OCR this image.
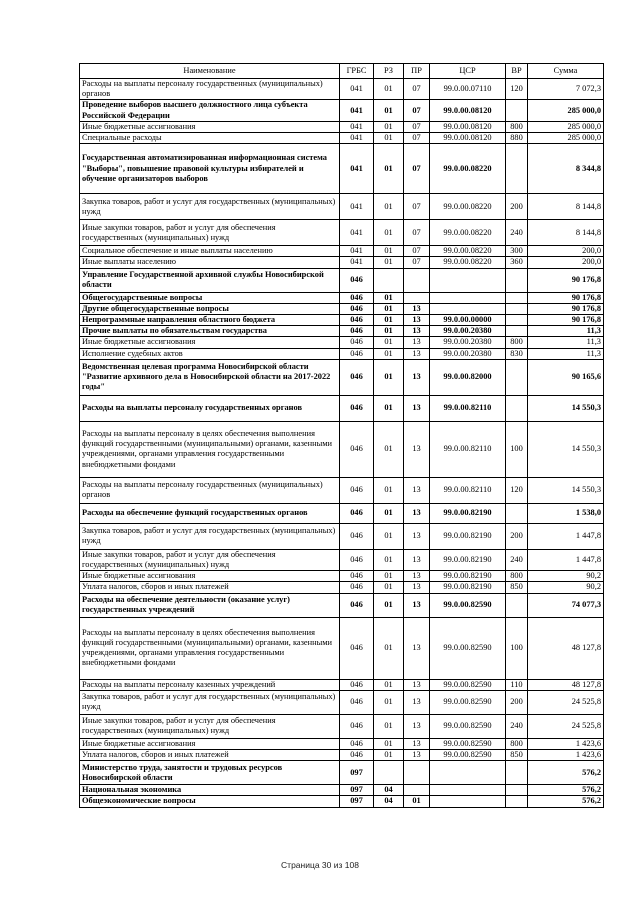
Наименование	ГРБС	РЗ	ПР	ЦСР	ВР	Сумма
Расходы на выплаты персоналу государственных (муниципальных) органов	041	01	07	99.0.00.07110	120	7 072,3
Проведение выборов высшего должностного лица субъекта Российской Федерации	041	01	07	99.0.00.08120		285 000,0
Иные бюджетные ассигнования	041	01	07	99.0.00.08120	800	285 000,0
Специальные расходы	041	01	07	99.0.00.08120	880	285 000,0
Государственная автоматизированная информационная система "Выборы", повышение правовой культуры избирателей и обучение организаторов выборов	041	01	07	99.0.00.08220		8 344,8
Закупка товаров, работ и услуг для государственных (муниципальных) нужд	041	01	07	99.0.00.08220	200	8 144,8
Иные закупки товаров, работ и услуг для обеспечения государственных (муниципальных) нужд	041	01	07	99.0.00.08220	240	8 144,8
Социальное обеспечение и иные выплаты населению	041	01	07	99.0.00.08220	300	200,0
Иные выплаты населению	041	01	07	99.0.00.08220	360	200,0
Управление Государственной архивной службы Новосибирской области	046					90 176,8
Общегосударственные вопросы	046	01				90 176,8
Другие общегосударственные вопросы	046	01	13			90 176,8
Непрограммные направления областного бюджета	046	01	13	99.0.00.00000		90 176,8
Прочие выплаты по обязательствам государства	046	01	13	99.0.00.20380		11,3
Иные бюджетные ассигнования	046	01	13	99.0.00.20380	800	11,3
Исполнение судебных актов	046	01	13	99.0.00.20380	830	11,3
Ведомственная целевая программа Новосибирской области "Развитие архивного дела в Новосибирской области на 2017-2022 годы"	046	01	13	99.0.00.82000		90 165,6
Расходы на выплаты персоналу государственных органов	046	01	13	99.0.00.82110		14 550,3
Расходы на выплаты персоналу в целях обеспечения выполнения функций государственными (муниципальными) органами, казенными учреждениями, органами управления государственными внебюджетными фондами	046	01	13	99.0.00.82110	100	14 550,3
Расходы на выплаты персоналу государственных (муниципальных) органов	046	01	13	99.0.00.82110	120	14 550,3
Расходы на обеспечение функций государственных органов	046	01	13	99.0.00.82190		1 538,0
Закупка товаров, работ и услуг для государственных (муниципальных) нужд	046	01	13	99.0.00.82190	200	1 447,8
Иные закупки товаров, работ и услуг для обеспечения государственных (муниципальных) нужд	046	01	13	99.0.00.82190	240	1 447,8
Иные бюджетные ассигнования	046	01	13	99.0.00.82190	800	90,2
Уплата налогов, сборов и иных платежей	046	01	13	99.0.00.82190	850	90,2
Расходы на обеспечение деятельности (оказание услуг) государственных учреждений	046	01	13	99.0.00.82590		74 077,3
Расходы на выплаты персоналу в целях обеспечения выполнения функций государственными (муниципальными) органами, казенными учреждениями, органами управления государственными внебюджетными фондами	046	01	13	99.0.00.82590	100	48 127,8
Расходы на выплаты персоналу казенных учреждений	046	01	13	99.0.00.82590	110	48 127,8
Закупка товаров, работ и услуг для государственных (муниципальных) нужд	046	01	13	99.0.00.82590	200	24 525,8
Иные закупки товаров, работ и услуг для обеспечения государственных (муниципальных) нужд	046	01	13	99.0.00.82590	240	24 525,8
Иные бюджетные ассигнования	046	01	13	99.0.00.82590	800	1 423,6
Уплата налогов, сборов и иных платежей	046	01	13	99.0.00.82590	850	1 423,6
Министерство труда, занятости и трудовых ресурсов Новосибирской области	097					576,2
Национальная экономика	097	04				576,2
Общеэкономические вопросы	097	04	01			576,2
Страница 30 из 108
